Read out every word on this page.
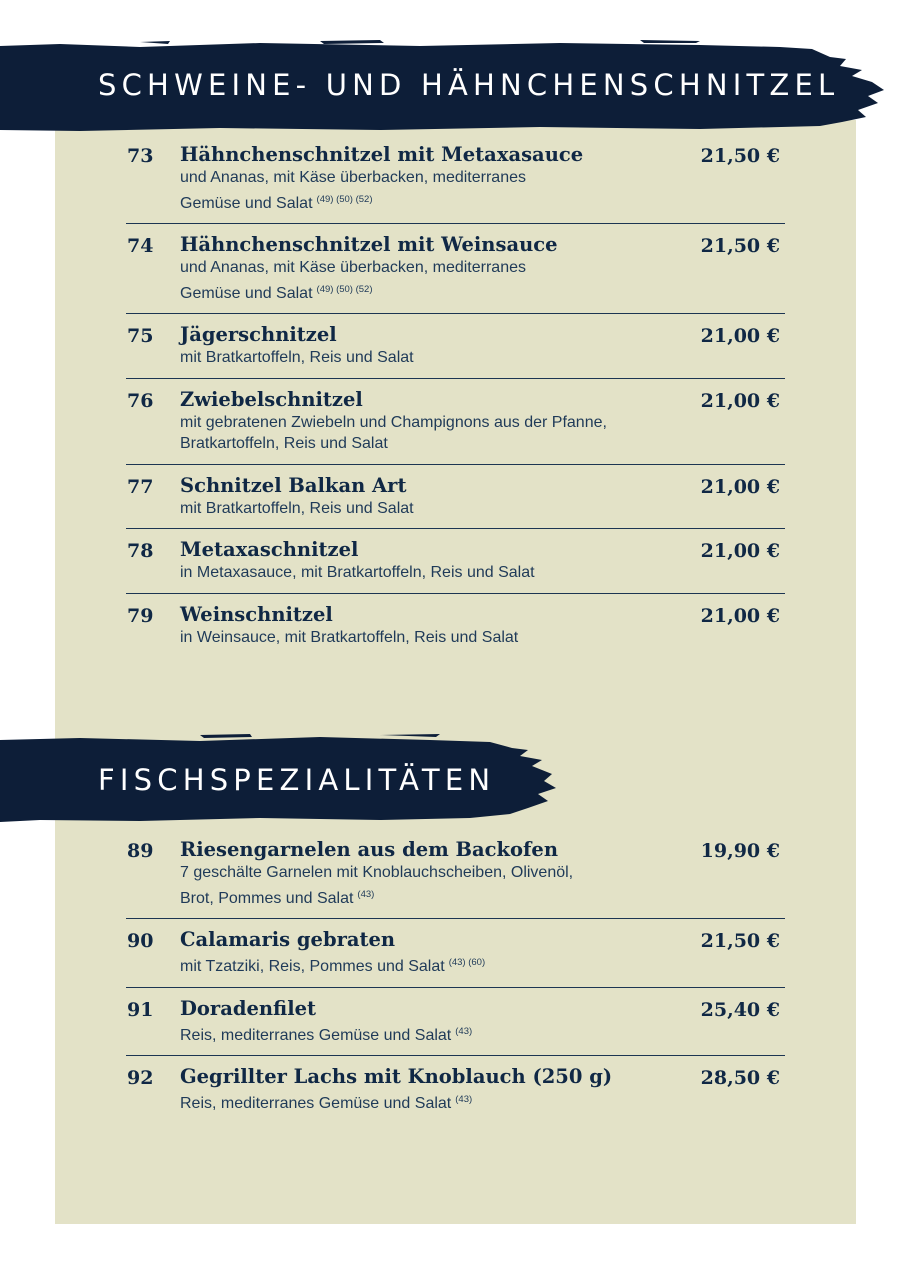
SCHWEINE- UND HÄHNCHENSCHNITZEL
73 Hähnchenschnitzel mit Metaxasauce
und Ananas, mit Käse überbacken, mediterranes
Gemüse und Salat $^{(49) (50) (52)}$
21,50 €
74 Hähnchenschnitzel mit Weinsauce
und Ananas, mit Käse überbacken, mediterranes
Gemüse und Salat $^{(49) (50) (52)}$
21,50 €
75 Jägerschnitzel
mit Bratkartoffeln, Reis und Salat
21,00 €
76 Zwiebelschnitzel
mit gebratenen Zwiebeln und Champignons aus der Pfanne,
Bratkartoffeln, Reis und Salat
21,00 €
77 Schnitzel Balkan Art
mit Bratkartoffeln, Reis und Salat
21,00 €
78 Metaxaschnitzel
in Metaxasauce, mit Bratkartoffeln, Reis und Salat
21,00 €
79 Weinschnitzel
in Weinsauce, mit Bratkartoffeln, Reis und Salat
21,00 €
FISCHSPEZIALITÄTEN
89 Riesengarnelen aus dem Backofen
7 geschälte Garnelen mit Knoblauchscheiben, Olivenöl,
Brot, Pommes und Salat $^{(43)}$
19,90 €
90 Calamaris gebraten
mit Tzatziki, Reis, Pommes und Salat $^{(43) (60)}$
21,50 €
91 Doradenfilet
Reis, mediterranes Gemüse und Salat $^{(43)}$
25,40 €
92 Gegrillter Lachs mit Knoblauch (250 g)
Reis, mediterranes Gemüse und Salat $^{(43)}$
28,50 €
